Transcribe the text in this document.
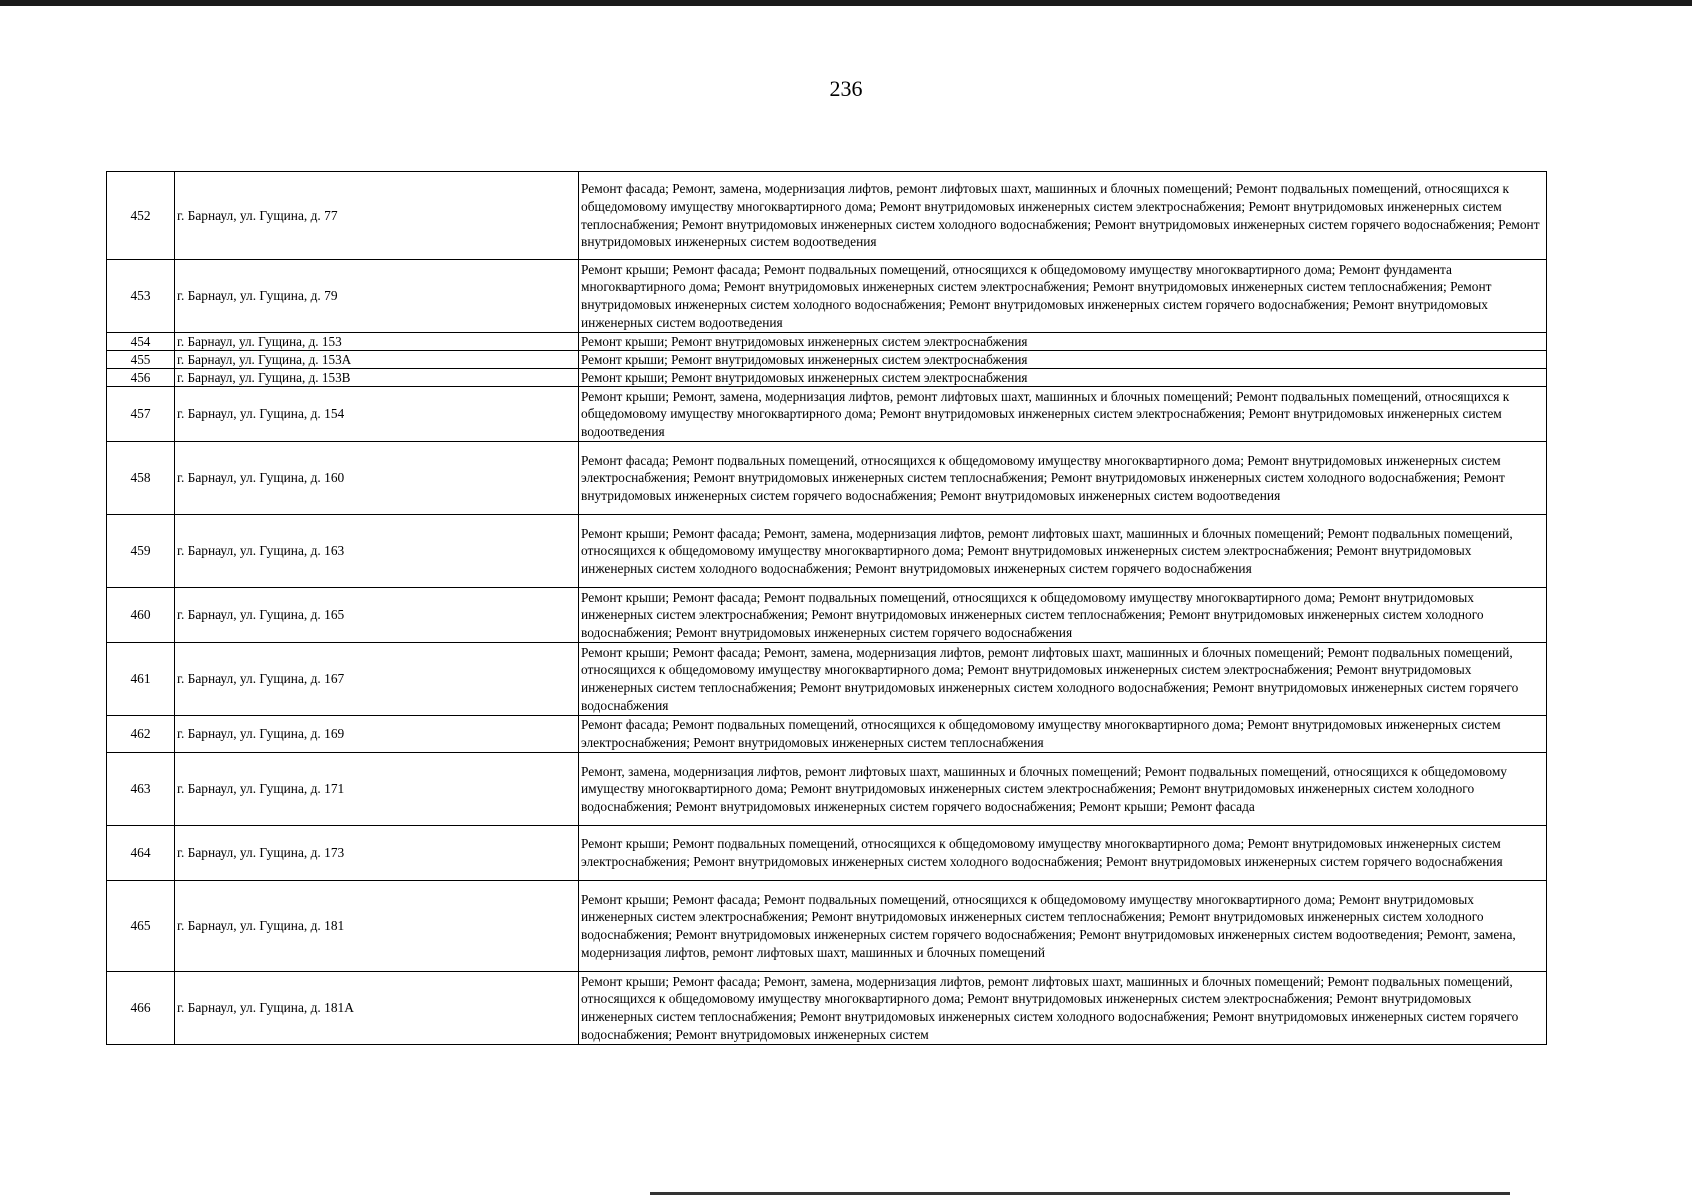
236
452	г. Барнаул, ул. Гущина, д. 77	Ремонт фасада; Ремонт, замена, модернизация лифтов, ремонт лифтовых шахт, машинных и блочных помещений; Ремонт подвальных помещений, относящихся к общедомовому имуществу многоквартирного дома; Ремонт внутридомовых инженерных систем электроснабжения; Ремонт внутридомовых инженерных систем теплоснабжения; Ремонт внутридомовых инженерных систем холодного водоснабжения; Ремонт внутридомовых инженерных систем горячего водоснабжения; Ремонт внутридомовых инженерных систем водоотведения
453	г. Барнаул, ул. Гущина, д. 79	Ремонт крыши; Ремонт фасада; Ремонт подвальных помещений, относящихся к общедомовому имуществу многоквартирного дома; Ремонт фундамента многоквартирного дома; Ремонт внутридомовых инженерных систем электроснабжения; Ремонт внутридомовых инженерных систем теплоснабжения; Ремонт внутридомовых инженерных систем холодного водоснабжения; Ремонт внутридомовых инженерных систем горячего водоснабжения; Ремонт внутридомовых инженерных систем водоотведения
454	г. Барнаул, ул. Гущина, д. 153	Ремонт крыши; Ремонт внутридомовых инженерных систем электроснабжения
455	г. Барнаул, ул. Гущина, д. 153А	Ремонт крыши; Ремонт внутридомовых инженерных систем электроснабжения
456	г. Барнаул, ул. Гущина, д. 153В	Ремонт крыши; Ремонт внутридомовых инженерных систем электроснабжения
457	г. Барнаул, ул. Гущина, д. 154	Ремонт крыши; Ремонт, замена, модернизация лифтов, ремонт лифтовых шахт, машинных и блочных помещений; Ремонт подвальных помещений, относящихся к общедомовому имуществу многоквартирного дома; Ремонт внутридомовых инженерных систем электроснабжения; Ремонт внутридомовых инженерных систем водоотведения
458	г. Барнаул, ул. Гущина, д. 160	Ремонт фасада; Ремонт подвальных помещений, относящихся к общедомовому имуществу многоквартирного дома; Ремонт внутридомовых инженерных систем электроснабжения; Ремонт внутридомовых инженерных систем теплоснабжения; Ремонт внутридомовых инженерных систем холодного водоснабжения; Ремонт внутридомовых инженерных систем горячего водоснабжения; Ремонт внутридомовых инженерных систем водоотведения
459	г. Барнаул, ул. Гущина, д. 163	Ремонт крыши; Ремонт фасада; Ремонт, замена, модернизация лифтов, ремонт лифтовых шахт, машинных и блочных помещений; Ремонт подвальных помещений, относящихся к общедомовому имуществу многоквартирного дома; Ремонт внутридомовых инженерных систем электроснабжения; Ремонт внутридомовых инженерных систем холодного водоснабжения; Ремонт внутридомовых инженерных систем горячего водоснабжения
460	г. Барнаул, ул. Гущина, д. 165	Ремонт крыши; Ремонт фасада; Ремонт подвальных помещений, относящихся к общедомовому имуществу многоквартирного дома; Ремонт внутридомовых инженерных систем электроснабжения; Ремонт внутридомовых инженерных систем теплоснабжения; Ремонт внутридомовых инженерных систем холодного водоснабжения; Ремонт внутридомовых инженерных систем горячего водоснабжения
461	г. Барнаул, ул. Гущина, д. 167	Ремонт крыши; Ремонт фасада; Ремонт, замена, модернизация лифтов, ремонт лифтовых шахт, машинных и блочных помещений; Ремонт подвальных помещений, относящихся к общедомовому имуществу многоквартирного дома; Ремонт внутридомовых инженерных систем электроснабжения; Ремонт внутридомовых инженерных систем теплоснабжения; Ремонт внутридомовых инженерных систем холодного водоснабжения; Ремонт внутридомовых инженерных систем горячего водоснабжения
462	г. Барнаул, ул. Гущина, д. 169	Ремонт фасада; Ремонт подвальных помещений, относящихся к общедомовому имуществу многоквартирного дома; Ремонт внутридомовых инженерных систем электроснабжения; Ремонт внутридомовых инженерных систем теплоснабжения
463	г. Барнаул, ул. Гущина, д. 171	Ремонт, замена, модернизация лифтов, ремонт лифтовых шахт, машинных и блочных помещений; Ремонт подвальных помещений, относящихся к общедомовому имуществу многоквартирного дома; Ремонт внутридомовых инженерных систем электроснабжения; Ремонт внутридомовых инженерных систем холодного водоснабжения; Ремонт внутридомовых инженерных систем горячего водоснабжения; Ремонт крыши; Ремонт фасада
464	г. Барнаул, ул. Гущина, д. 173	Ремонт крыши; Ремонт подвальных помещений, относящихся к общедомовому имуществу многоквартирного дома; Ремонт внутридомовых инженерных систем электроснабжения; Ремонт внутридомовых инженерных систем холодного водоснабжения; Ремонт внутридомовых инженерных систем горячего водоснабжения
465	г. Барнаул, ул. Гущина, д. 181	Ремонт крыши; Ремонт фасада; Ремонт подвальных помещений, относящихся к общедомовому имуществу многоквартирного дома; Ремонт внутридомовых инженерных систем электроснабжения; Ремонт внутридомовых инженерных систем теплоснабжения; Ремонт внутридомовых инженерных систем холодного водоснабжения; Ремонт внутридомовых инженерных систем горячего водоснабжения; Ремонт внутридомовых инженерных систем водоотведения; Ремонт, замена, модернизация лифтов, ремонт лифтовых шахт, машинных и блочных помещений
466	г. Барнаул, ул. Гущина, д. 181А	Ремонт крыши; Ремонт фасада; Ремонт, замена, модернизация лифтов, ремонт лифтовых шахт, машинных и блочных помещений; Ремонт подвальных помещений, относящихся к общедомовому имуществу многоквартирного дома; Ремонт внутридомовых инженерных систем электроснабжения; Ремонт внутридомовых инженерных систем теплоснабжения; Ремонт внутридомовых инженерных систем холодного водоснабжения; Ремонт внутридомовых инженерных систем горячего водоснабжения; Ремонт внутридомовых инженерных систем
